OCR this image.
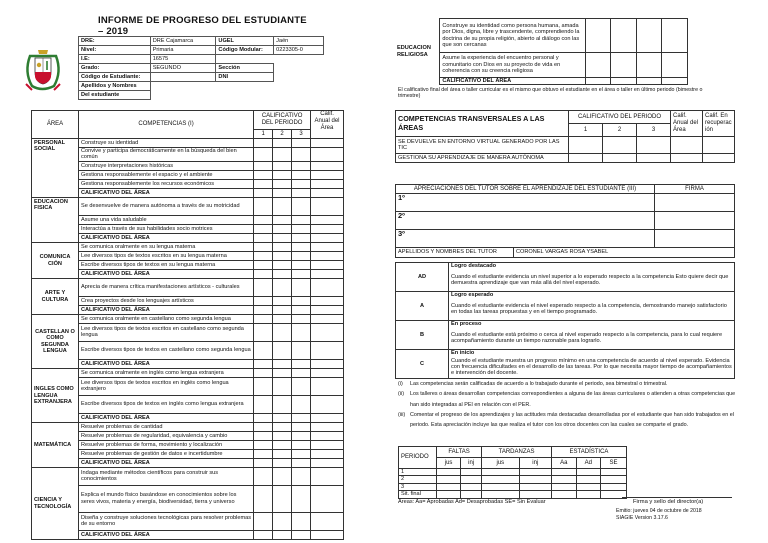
INFORME DE PROGRESO DEL ESTUDIANTE – 2019
DRE:	DRE Cajamarca	UGEL	Jaén
Nivel:	Primaria	Código Modular:	0223305-0
I.E:	16575		
Grado:	SEGUNDO	Sección	
Código de Estudiante:		DNI	
Apellidos y Nombres			
Del estudiante			
ÁREA	COMPETENCIAS (I)	CALIFICATIVO DEL PERIODO			Calif. Anual del Área
		1	2	3	
PERSONAL SOCIAL	Construye su identidad				
	Convive y participa democráticamente en la búsqueda del bien común				
	Construye interpretaciones históricas				
	Gestiona responsablemente el espacio y el ambiente				
	Gestiona responsablemente los recursos económicos				
	CALIFICATIVO DEL ÁREA				
EDUCACION FISICA	Se desenvuelve de manera autónoma a través de su motricidad				
	Asume una vida saludable				
	Interactúa a través de sus habilidades socio motrices				
	CALIFICATIVO DEL ÁREA				
COMUNICA CIÓN	Se comunica oralmente en su lengua materna				
	Lee diversos tipos de textos escritos en su lengua materna				
	Escribe diversos tipos de textos en su lengua materna				
	CALIFICATIVO DEL ÁREA				
ARTE Y CULTURA	Aprecia de manera crítica manifestaciones artísticos - culturales				
	Crea proyectos desde los lenguajes artísticos				
	CALIFICATIVO DEL ÁREA				
CASTELLAN O COMO SEGUNDA LENGUA	Se comunica oralmente en castellano como segunda lengua				
	Lee diversos tipos de textos escritos en castellano como segunda lengua				
	Escribe diversos tipos de textos en castellano como segunda lengua				
	CALIFICATIVO DEL ÁREA				
INGLES COMO LENGUA EXTRANJERA	Se comunica oralmente en inglés como lengua extranjera				
	Lee diversos tipos de textos escritos en inglés como lengua extranjero				
	Escribe diversos tipos de textos en inglés como lengua extranjera				
	CALIFICATIVO DEL ÁREA				
MATEMÁTICA	Resuelve problemas de cantidad				
	Resuelve problemas de regularidad, equivalencia y cambio				
	Resuelve problemas de forma, movimiento y localización				
	Resuelve problemas de gestión de datos e incertidumbre				
	CALIFICATIVO DEL ÁREA				
CIENCIA Y TECNOLOGÍA	Indaga mediante métodos científicos para construir sus conocimientos				
	Explica el mundo físico basándose en conocimientos sobre los seres vivos, materia y energía, biodiversidad, tierra y universo				
	Diseña y construye soluciones tecnológicas para resolver problemas de su entorno				
	CALIFICATIVO DEL ÁREA				
EDUCACION RELIGIOSA	Construye su identidad como persona humana, amada por Dios, digna, libre y trascendente, comprendiendo la doctrina de su propia religión, abierto al diálogo con las que son cercanas				
	Asume la experiencia del encuentro personal y comunitario con Dios en su proyecto de vida en coherencia con su creencia religiosa				
	CALIFICATIVO DEL ÁREA				
El calificativo final del área o taller curricular es el mismo que obtuvo el estudiante en el área o taller en último periodo (bimestre o trimestre)
COMPETENCIAS TRANSVERSALES A LAS ÁREAS	CALIFICATIVO DEL PERIODO			Calif. Anual del Área	Calif. En recuperac ión
	1	2	3		
SE DEVUELVE EN ENTORNO VIRTUAL GENERADO POR LAS TIC					
GESTIONA SU APRENDIZAJE DE MANERA AUTÓNOMA					
APRECIACIONES DEL TUTOR SOBRE EL APRENDIZAJE DEL ESTUDIANTE (III)		FIRMA
1º		
2º		
3º		
APELLIDOS Y NOMBRES DEL TUTOR	CORONEL VARGAS ROSA YSABEL	
AD	Logro destacado
	Cuando el estudiante evidencia un nivel superior a lo esperado respecto a la competencia Esto quiere decir que demuestra aprendizaje que van más allá del nivel esperado.
A	Logro esperado
	Cuando el estudiante evidencia el nivel esperado respecto a la competencia, demostrando manejo satisfactorio en todas las tareas propuestas y en el tiempo programado.
B	En proceso
	Cuando el estudiante está próximo o cerca al nivel esperado respecto a la competencia, para lo cual requiere acompañamiento durante un tiempo razonable para lograrlo.
C	En inicio
	Cuando el estudiante muestra un progreso mínimo en una competencia de acuerdo al nivel esperado. Evidencia con frecuencia dificultades en el desarrollo de las tareas. Por lo que necesita mayor tiempo de acompañamientos e intervención del docente.
(i)	Las competencias serán calificadas de acuerdo a lo trabajado durante el periodo, sea bimestral o trimestral.
(ii)	Los talleres o áreas desarrollan competencias correspondientes a alguna de las áreas curriculares o atienden a otras competencias que han sido integradas al PEI en relación con el PER.
(iii) Comentar el progreso de los aprendizajes y las actitudes más destacadas desarrolladas por el estudiante que han sido trabajados en el periodo. Esta apreciación incluye las que realiza el tutor con los otros docentes con las cuales se comparte el grado.
PERIODO	FALTAS		TARDANZAS		ESTADÍSTICA		
	jus	inj	jus	inj	Aa	Ad	SE
1							
2							
3							
Sit. final							
Áreas: Aa= Aprobadas Ad= Desaprobadas SE= Sin Evaluar	Firma y sello del director(a)
Emitio: jueves 04 de octubre de 2018
SIAGIE Version 3.17.6
